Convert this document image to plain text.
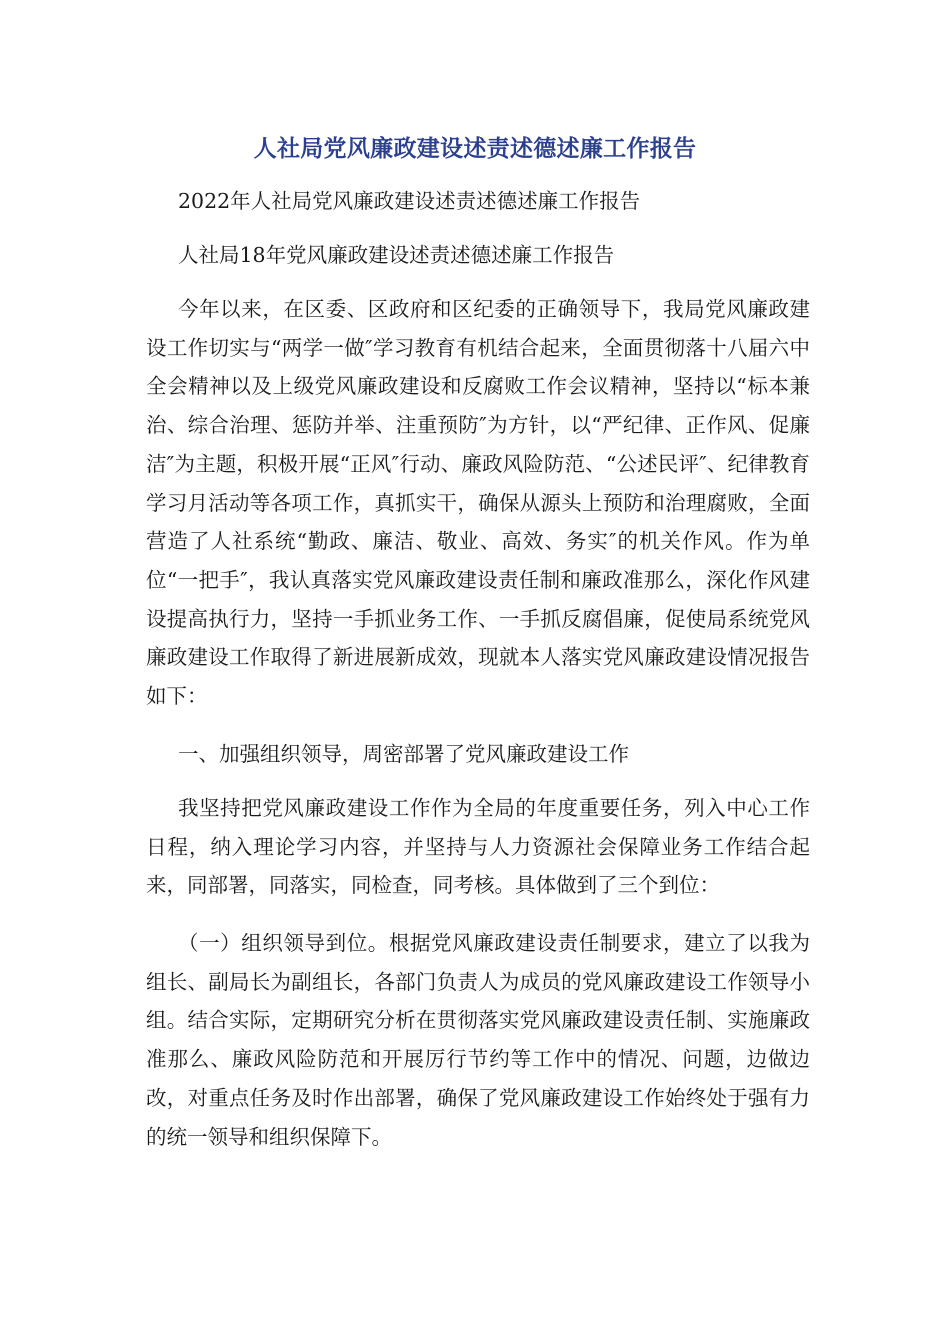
人社局党风廉政建设述责述德述廉工作报告

2022年人社局党风廉政建设述责述德述廉工作报告

人社局18年党风廉政建设述责述德述廉工作报告

今年以来，在区委、区政府和区纪委的正确领导下，我局党风廉政建设工作切实与“两学一做″学习教育有机结合起来，全面贯彻落十八届六中全会精神以及上级党风廉政建设和反腐败工作会议精神，坚持以“标本兼治、综合治理、惩防并举、注重预防″为方针，以“严纪律、正作风、促廉洁″为主题，积极开展“正风″行动、廉政风险防范、“公述民评″、纪律教育学习月活动等各项工作，真抓实干，确保从源头上预防和治理腐败，全面营造了人社系统“勤政、廉洁、敬业、高效、务实″的机关作风。作为单位“一把手″，我认真落实党风廉政建设责任制和廉政准那么，深化作风建设提高执行力，坚持一手抓业务工作、一手抓反腐倡廉，促使局系统党风廉政建设工作取得了新进展新成效，现就本人落实党风廉政建设情况报告如下：

一、加强组织领导，周密部署了党风廉政建设工作

我坚持把党风廉政建设工作作为全局的年度重要任务，列入中心工作日程，纳入理论学习内容，并坚持与人力资源社会保障业务工作结合起来，同部署，同落实，同检查，同考核。具体做到了三个到位：

（一）组织领导到位。根据党风廉政建设责任制要求，建立了以我为组长、副局长为副组长，各部门负责人为成员的党风廉政建设工作领导小组。结合实际，定期研究分析在贯彻落实党风廉政建设责任制、实施廉政准那么、廉政风险防范和开展厉行节约等工作中的情况、问题，边做边改，对重点任务及时作出部署，确保了党风廉政建设工作始终处于强有力的统一领导和组织保障下。
